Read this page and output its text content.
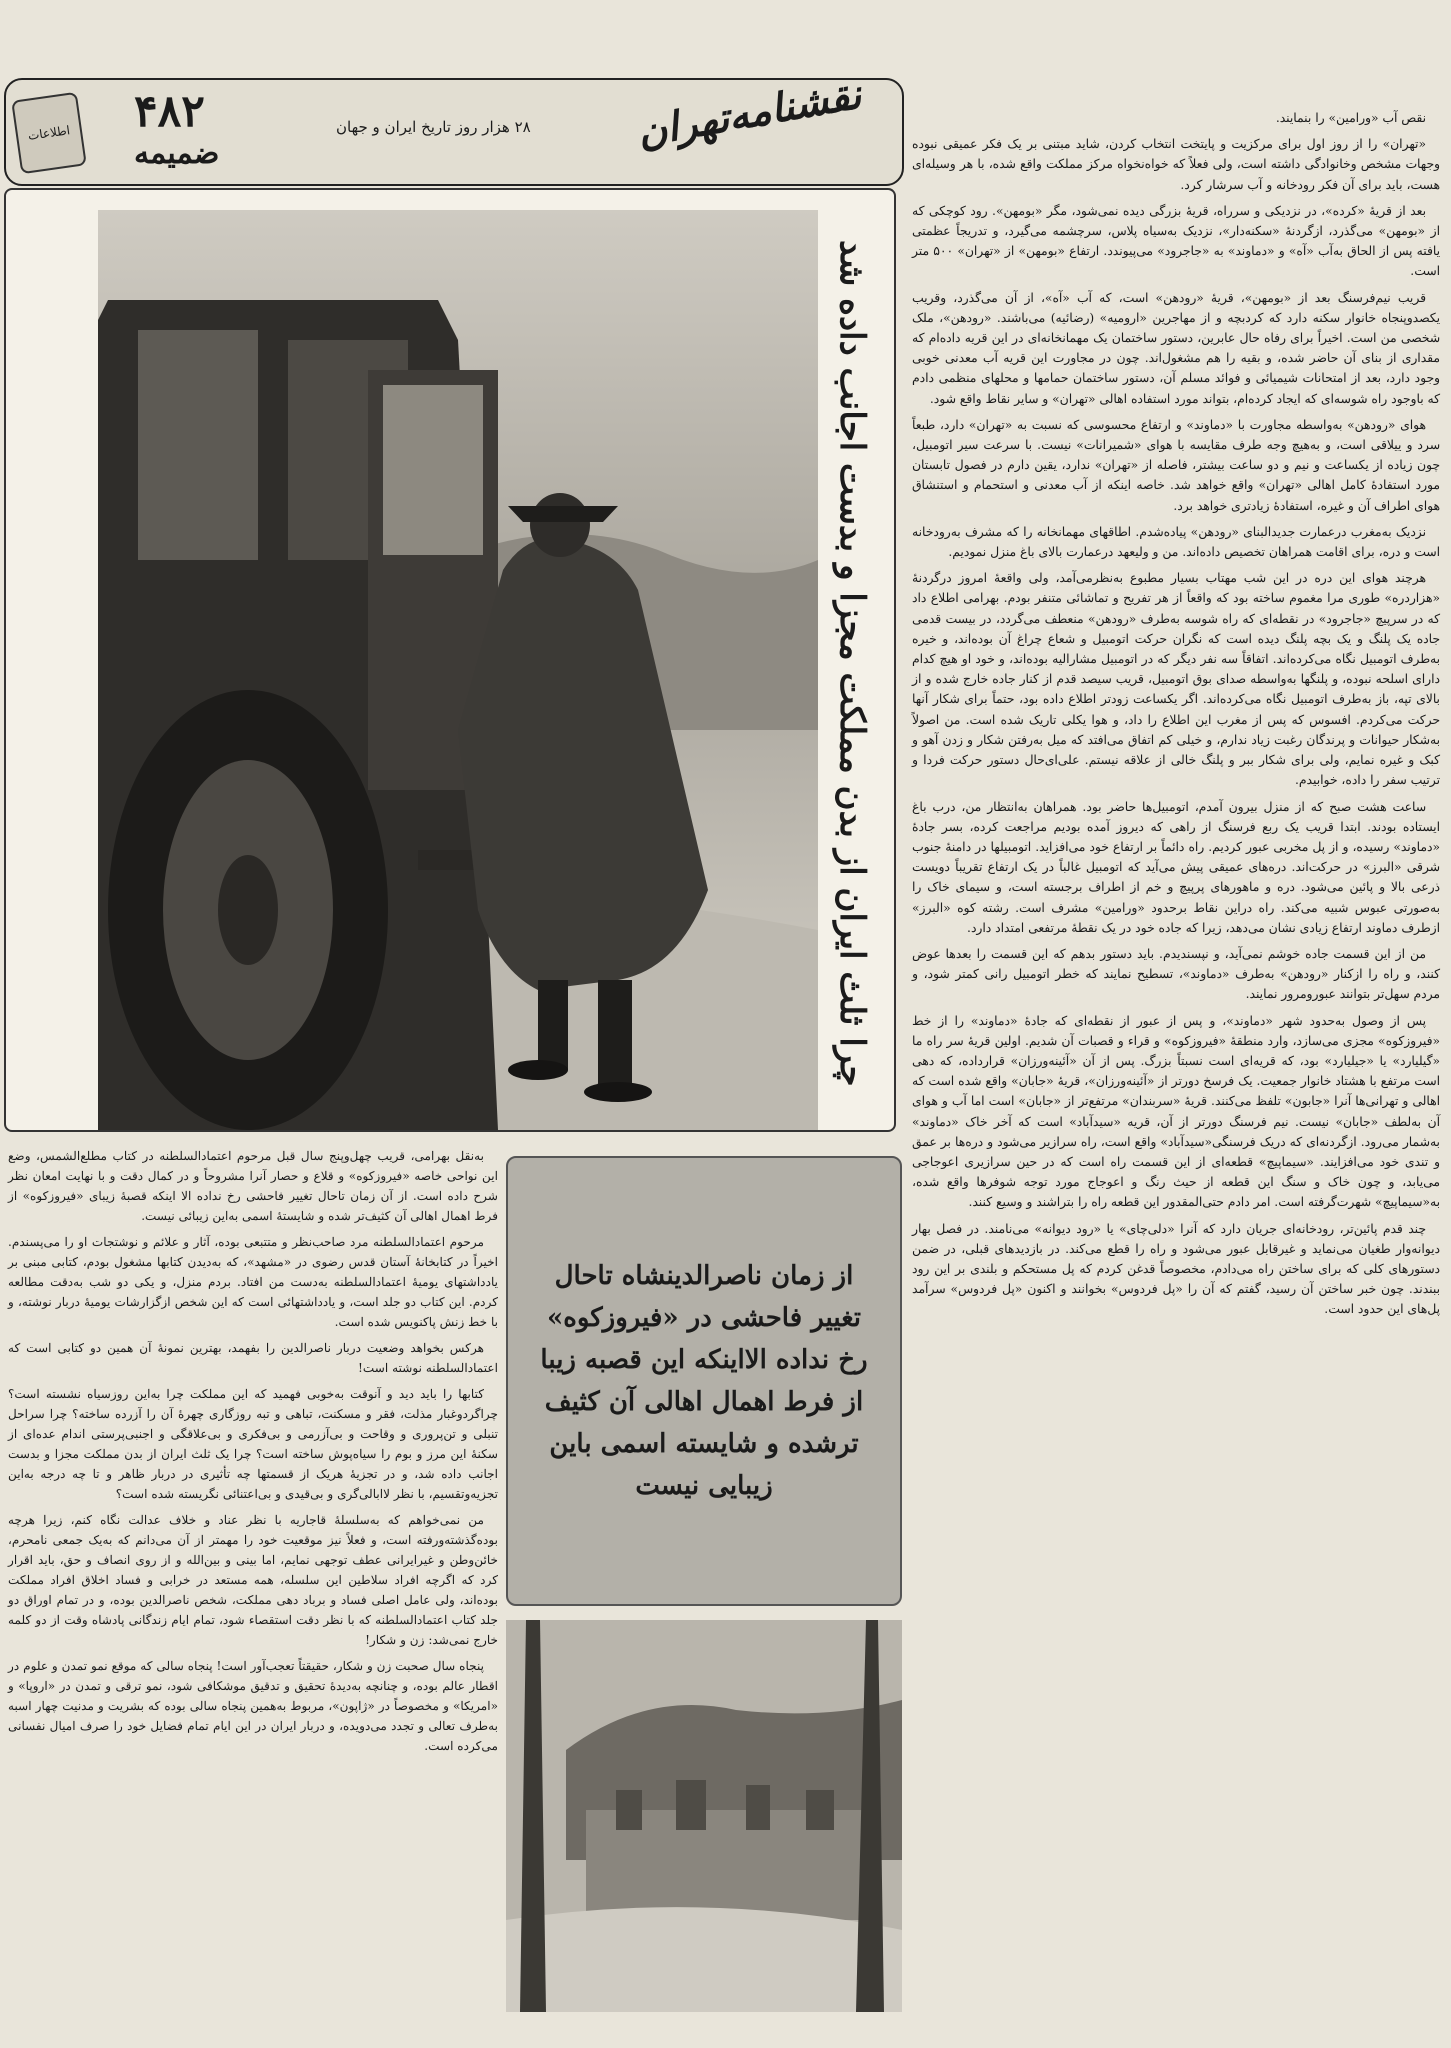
اطلاعات ۴۸۲
ضمیمه
۲۸ هزار روز تاریخ ایران و جهان	نقشنامه‌تهران	نقص آب «ورامین» را بنمایند.

«تهران» را از روز اول برای مرکزیت و پایتخت انتخاب کردن، شاید مبتنی بر یک فکر عمیقی نبوده وجهات مشخص وخانوادگی داشته است، ولی فعلاً که خواه‌نخواه مرکز مملکت واقع شده، با هر وسیله‌ای هست، باید برای آن فکر رودخانه و آب سرشار کرد.

بعد از قریهٔ «کرده»، در نزدیکی و سرراه، قریهٔ بزرگی دیده نمی‌شود، مگر «بومهن». رود کوچکی که از «بومهن» می‌گذرد، ازگردنهٔ «سکنه‌دار»، نزدیک به‌سیاه پلاس، سرچشمه می‌گیرد، و تدریجاً عظمتی یافته پس از الحاق به‌آب «آه» و «دماوند» به «جاجرود» می‌پیوندد. ارتفاع «بومهن» از «تهران» ۵۰۰ متر است.

قریب نیم‌فرسنگ بعد از «بومهن»، قریهٔ «رودهن» است، که آب «آه»، از آن می‌گذرد، وقریب یکصدوپنجاه خانوار سکنه دارد که کردبچه و از مهاجرین «ارومیه» (رضائیه) می‌باشند. «رودهن»، ملک شخصی من است. اخیراً برای رفاه حال عابرین، دستور ساختمان یک مهمانخانه‌ای در این قریه داده‌ام که مقداری از بنای آن حاضر شده، و بقیه را هم مشغول‌اند. چون در مجاورت این قریه آب معدنی خوبی وجود دارد، بعد از امتحانات شیمیائی و فوائد مسلم آن، دستور ساختمان حمامها و محلهای منظمی دادم که باوجود راه شوسه‌ای که ایجاد کرده‌ام، بتواند مورد استفاده اهالی «تهران» و سایر نقاط واقع شود.

هوای «رودهن» به‌واسطه مجاورت با «دماوند» و ارتفاع محسوسی که نسبت به «تهران» دارد، طبعاً سرد و ییلاقی است، و به‌هیچ وجه طرف مقایسه با هوای «شمیرانات» نیست. با سرعت سیر اتومبیل، چون زیاده از یکساعت و نیم و دو ساعت بیشتر، فاصله از «تهران» ندارد، یقین دارم در فصول تابستان مورد استفادهٔ کامل اهالی «تهران» واقع خواهد شد. خاصه اینکه از آب معدنی و استحمام و استنشاق هوای اطراف آن و غیره، استفادهٔ زیادتری خواهد برد.

نزدیک به‌مغرب درعمارت جدیدالبنای «رودهن» پیاده‌شدم. اطاقهای مهمانخانه را که مشرف به‌رودخانه است و دره، برای اقامت همراهان تخصیص داده‌اند. من و ولیعهد درعمارت بالای باغ منزل نمودیم.

هرچند هوای این دره در این شب مهتاب بسیار مطبوع به‌نظرمی‌آمد، ولی واقعهٔ امروز درگردنهٔ «هزاردره» طوری مرا مغموم ساخته بود که واقعاً از هر تفریح و تماشائی متنفر بودم. بهرامی اطلاع داد که در سرپیچ «جاجرود» در نقطه‌ای که راه شوسه به‌طرف «رودهن» منعطف می‌گردد، در بیست قدمی جاده یک پلنگ و یک بچه پلنگ دیده است که نگران حرکت اتومبیل و شعاع چراغ آن بوده‌اند، و خیره به‌طرف اتومبیل نگاه می‌کرده‌اند. اتفاقاً سه نفر دیگر که در اتومبیل مشارالیه بوده‌اند، و خود او هیچ کدام دارای اسلحه نبوده، و پلنگها به‌واسطه صدای بوق اتومبیل، قریب سیصد قدم از کنار جاده خارج شده و از بالای تپه، باز به‌طرف اتومبیل نگاه می‌کرده‌اند. اگر یکساعت زودتر اطلاع داده بود، حتماً برای شکار آنها حرکت می‌کردم. افسوس که پس از مغرب این اطلاع را داد، و هوا یکلی تاریک شده است. من اصولاً به‌شکار حیوانات و پرندگان رغبت زیاد ندارم، و خیلی کم اتفاق می‌افتد که میل به‌رفتن شکار و زدن آهو و کبک و غیره نمایم، ولی برای شکار ببر و پلنگ خالی از علاقه نیستم. علی‌ای‌حال دستور حرکت فردا و ترتیب سفر را داده، خوابیدم.

ساعت هشت صبح که از منزل بیرون آمدم، اتومبیل‌ها حاضر بود. همراهان به‌انتظار من، درب باغ ایستاده بودند. ابتدا قریب یک ربع فرسنگ از راهی که دیروز آمده بودیم مراجعت کرده، بسر جادهٔ «دماوند» رسیده، و از پل مخربی عبور کردیم. راه دائماً بر ارتفاع خود می‌افزاید. اتومبیلها در دامنهٔ جنوب شرقی «البرز» در حرکت‌اند. دره‌های عمیقی پیش می‌آید که اتومبیل غالباً در یک ارتفاع تقریباً دویست ذرعی بالا و پائین می‌شود. دره و ماهورهای پرپیچ و خم از اطراف برجسته است، و سیمای خاک را به‌صورتی عبوس شبیه می‌کند. راه دراین نقاط برحدود «ورامین» مشرف است. رشته کوه «البرز» ازطرف دماوند ارتفاع زیادی نشان می‌دهد، زیرا که جاده خود در یک نقطهٔ مرتفعی امتداد دارد.

من از این قسمت جاده خوشم نمی‌آید، و نپسندیدم. باید دستور بدهم که این قسمت را بعدها عوض کنند، و راه را ازکنار «رودهن» به‌طرف «دماوند»، تسطیح نمایند که خطر اتومبیل رانی کمتر شود، و مردم سهل‌تر بتوانند عبورومرور نمایند.

پس از وصول به‌حدود شهر «دماوند»، و پس از عبور از نقطه‌ای که جادهٔ «دماوند» را از خط «فیروزکوه» مجزی می‌سازد، وارد منطقهٔ «فیروزکوه» و قراء و قصبات آن شدیم. اولین قریهٔ سر راه ما «گیلیارد» یا «جیلیارد» بود، که قریه‌ای است نسبتاً بزرگ. پس از آن «آئینه‌ورزان» قرارداده، که دهی است مرتفع با هشتاد خانوار جمعیت. یک فرسخ دورتر از «آئینه‌ورزان»، قریهٔ «جابان» واقع شده است که اهالی و تهرانی‌ها آنرا «جابون» تلفظ می‌کنند. قریهٔ «سربندان» مرتفع‌تر از «جابان» است اما آب و هوای آن به‌لطف «جابان» نیست. نیم فرسنگ دورتر از آن، قریه «سیدآباد» است که آخر خاک «دماوند» به‌شمار می‌رود. ازگردنه‌ای که دریک فرسنگی‌«سیدآباد» واقع است، راه سرازیر می‌شود و دره‌ها بر عمق و تندی خود می‌افزایند. «سیماپیچ» قطعه‌ای از این قسمت راه است که در حین سرازیری اعوجاجی می‌یابد، و چون خاک و سنگ این قطعه از حیث رنگ و اعوجاج مورد توجه شوفرها واقع شده، به‌«سیماپیچ» شهرت‌گرفته است. امر دادم حتی‌المقدور این قطعه راه را بتراشند و وسیع کنند.

چند قدم پائین‌تر، رودخانه‌ای جریان دارد که آنرا «دلی‌چای» یا «رود دیوانه» می‌نامند. در فصل بهار دیوانه‌وار طغیان می‌نماید و غیرقابل عبور می‌شود و راه را قطع می‌کند. در بازدیدهای قبلی، در ضمن دستورهای کلی که برای ساختن راه می‌دادم، مخصوصاً قدغن کردم که پل مستحکم و بلندی بر این رود ببندند. چون خبر ساختن آن رسید، گفتم که آن را «پل فردوس» بخوانند و اکنون «پل فردوس» سرآمد پل‌های این حدود است.

چرا ثلث ایران از بدن مملکت مجزا و بدست اجانب داده شد

به‌نقل بهرامی، قریب چهل‌وپنج سال قبل مرحوم اعتمادالسلطنه در کتاب مطلع‌الشمس، وضع این نواحی خاصه «فیروزکوه» و قلاع و حصار آنرا مشروحاً و در کمال دقت و با نهایت امعان نظر شرح داده است. از آن زمان تاحال تغییر فاحشی رخ نداده الا اینکه قصبهٔ زیبای «فیروزکوه» از فرط اهمال اهالی آن کثیف‌تر شده و شایستهٔ اسمی به‌این زیبائی نیست.

مرحوم اعتمادالسلطنه مرد صاحب‌نظر و متتبعی بوده، آثار و علائم و نوشتجات او را می‌پسندم. اخیراً در کتابخانهٔ آستان قدس رضوی در «مشهد»، که به‌دیدن کتابها مشغول بودم، کتابی مبنی بر یادداشتهای یومیهٔ اعتمادالسلطنه به‌دست من افتاد. بردم منزل، و یکی دو شب به‌دقت مطالعه کردم. این کتاب دو جلد است، و یادداشتهائی است که این شخص ازگزارشات یومیهٔ دربار نوشته، و با خط زنش پاکنویس شده است.

هرکس بخواهد وضعیت دربار ناصرالدین را بفهمد، بهترین نمونهٔ آن همین دو کتابی است که اعتمادالسلطنه نوشته است!

کتابها را باید دید و آنوقت به‌خوبی فهمید که این مملکت چرا به‌این روزسیاه نشسته است؟ چراگردوغبار مذلت، فقر و مسکنت، تباهی و تبه روزگاری چهرهٔ آن را آزرده ساخته؟ چرا سراحل تنبلی و تن‌پروری و وقاحت و بی‌آزرمی و بی‌فکری و بی‌علاقگی و اجنبی‌پرستی اندام عده‌ای از سکنهٔ این مرز و بوم را سیاه‌پوش ساخته است؟ چرا یک ثلث ایران از بدن مملکت مجزا و بدست اجانب داده شد، و در تجزیهٔ هریک از قسمتها چه تأثیری در دربار ظاهر و تا چه درجه به‌این تجزیه‌وتقسیم، با نظر لاابالی‌گری و بی‌قیدی و بی‌اعتنائی نگریسته شده است؟

من نمی‌خواهم که به‌سلسلهٔ قاجاریه با نظر عناد و خلاف عدالت نگاه کنم، زیرا هرچه بوده‌گذشته‌ورفته است، و فعلاً نیز موقعیت خود را مهمتر از آن می‌دانم که به‌یک جمعی نامحرم، خائن‌وطن و غیرایرانی عطف توجهی نمایم، اما بینی و بین‌الله و از روی انصاف و حق، باید اقرار کرد که اگرچه افراد سلاطین این سلسله، همه مستعد در خرابی و فساد اخلاق افراد مملکت بوده‌اند، ولی عامل اصلی فساد و برباد دهی مملکت، شخص ناصرالدین بوده، و در تمام اوراق دو جلد کتاب اعتمادالسلطنه که با نظر دقت استقصاء شود، تمام ایام زندگانی پادشاه وقت از دو کلمه خارج نمی‌شد: زن و شکار!

پنجاه سال صحبت زن و شکار، حقیقتاً تعجب‌آور است! پنجاه سالی که موقع نمو تمدن و علوم در اقطار عالم بوده، و چنانچه به‌دیدهٔ تحقیق و تدقیق موشکافی شود، نمو ترقی و تمدن در «اروپا» و «امریکا» و مخصوصاً در «ژاپون»، مربوط به‌همین پنجاه سالی بوده که بشریت و مدنیت چهار اسبه به‌طرف تعالی و تجدد می‌دویده، و دربار ایران در این ایام تمام فضایل خود را صرف امیال نفسانی می‌کرده است.

از زمان ناصرالدینشاه تاحال تغییر فاحشی در «فیروزکوه» رخ نداده الااینکه این قصبه زیبا از فرط اهمال اهالی آن کثیف ترشده و شایسته اسمی باین زیبایی نیست
